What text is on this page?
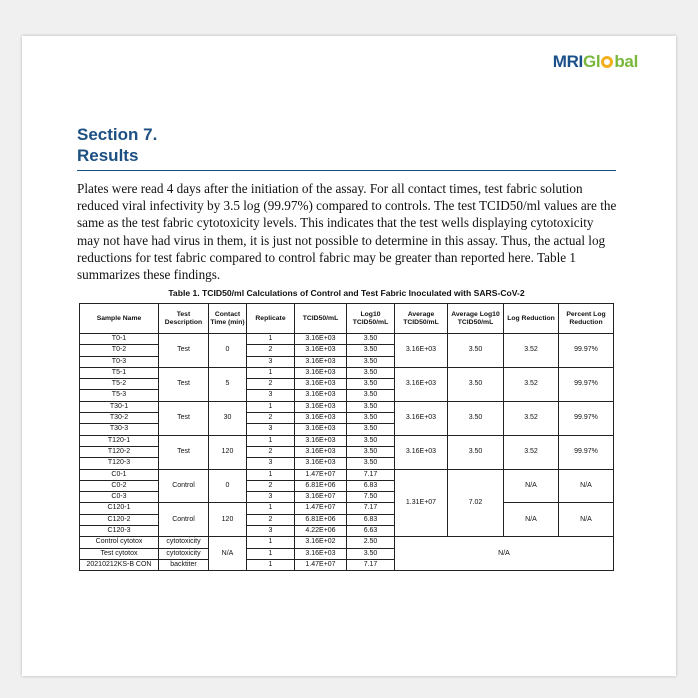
MRIGl bal
Section 7.
Results

Plates were read 4 days after the initiation of the assay. For all contact times, test fabric solution reduced viral infectivity by 3.5 log (99.97%) compared to controls. The test TCID50/ml values are the same as the test fabric cytotoxicity levels. This indicates that the test wells displaying cytotoxicity may not have had virus in them, it is just not possible to determine in this assay. Thus, the actual log reductions for test fabric compared to control fabric may be greater than reported here. Table 1 summarizes these findings.

Table 1. TCID50/ml Calculations of Control and Test Fabric Inoculated with SARS-CoV-2

Sample Name	Test Description	Contact Time (min)	Replicate	TCID50/mL	Log10 TCID50/mL	Average TCID50/mL	Average Log10 TCID50/mL	Log Reduction	Percent Log Reduction
T0-1	Test	0	1	3.16E+03	3.50	3.16E+03	3.50	3.52	99.97%
T0-2			2	3.16E+03	3.50				
T0-3			3	3.16E+03	3.50				
T5-1	Test	5	1	3.16E+03	3.50	3.16E+03	3.50	3.52	99.97%
T5-2			2	3.16E+03	3.50				
T5-3			3	3.16E+03	3.50				
T30-1	Test	30	1	3.16E+03	3.50	3.16E+03	3.50	3.52	99.97%
T30-2			2	3.16E+03	3.50				
T30-3			3	3.16E+03	3.50				
T120-1	Test	120	1	3.16E+03	3.50	3.16E+03	3.50	3.52	99.97%
T120-2			2	3.16E+03	3.50				
T120-3			3	3.16E+03	3.50				
C0-1	Control	0	1	1.47E+07	7.17	1.31E+07	7.02	N/A	N/A
C0-2			2	6.81E+06	6.83				
C0-3			3	3.16E+07	7.50				
C120-1	Control	120	1	1.47E+07	7.17			N/A	N/A
C120-2			2	6.81E+06	6.83				
C120-3			3	4.22E+06	6.63				
Control cytotox	cytotoxicity	N/A	1	3.16E+02	2.50	N/A			
Test cytotox	cytotoxicity		1	3.16E+03	3.50				
20210212KS-B CON	backtiter		1	1.47E+07	7.17				
